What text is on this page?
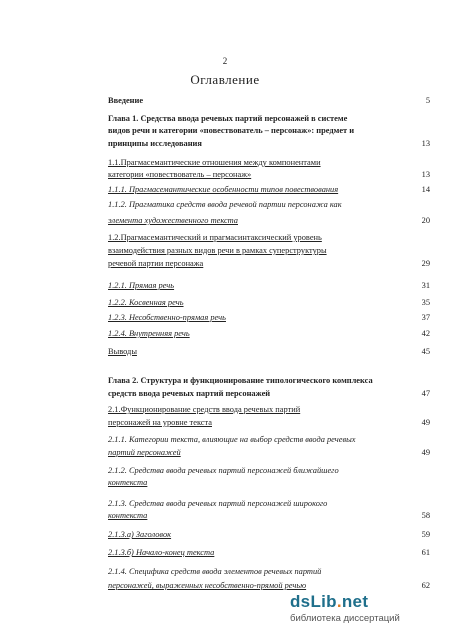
2
Оглавление
Введение	5
Глава 1. Средства ввода речевых партий персонажей в системе
видов речи и категории «повествователь – персонаж»: предмет и
принципы исследования	13
1.1.Прагмасемантические отношения между компонентами
категории «повествователь – персонаж»	13
1.1.1. Прагмасемантические особенности типов повествования	14
1.1.2. Прагматика средств ввода речевой партии персонажа как
элемента художественного текста	20
1.2.Прагмасемантический и прагмасинтаксический уровень
взаимодействия разных видов речи в рамках суперструктуры
речевой партии персонажа	29
1.2.1. Прямая речь	31
1.2.2. Косвенная речь	35
1.2.3. Несобственно-прямая речь	37
1.2.4. Внутренняя речь	42
Выводы	45
Глава 2. Структура и функционирование типологического комплекса
средств ввода речевых партий персонажей	47
2.1.Функционирование средств ввода речевых партий
персонажей на уровне текста	49
2.1.1. Категории текста, влияющие на выбор средств ввода речевых
партий персонажей	49
2.1.2. Средства ввода речевых партий персонажей ближайшего
контекста
2.1.3. Средства ввода речевых партий персонажей широкого
контекста	58
2.1.3.а) Заголовок	59
2.1.3.б) Начало-конец текста	61
2.1.4. Специфика средств ввода элементов речевых партий
персонажей, выраженных несобственно-прямой речью	62
dsLib.net
библиотека диссертаций
